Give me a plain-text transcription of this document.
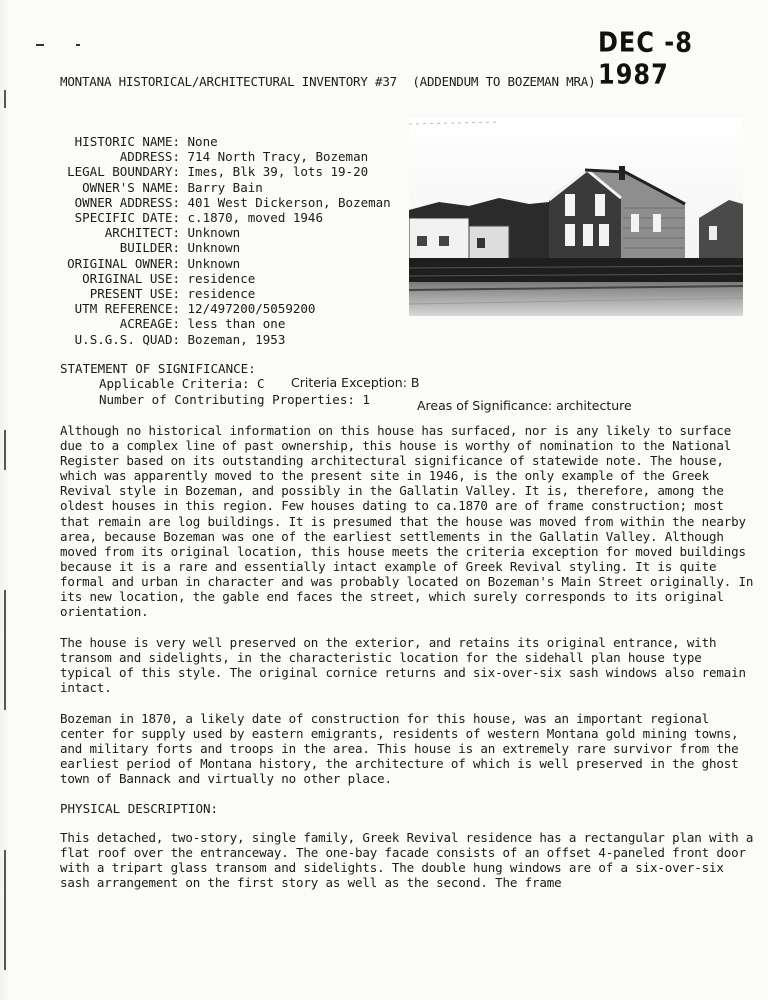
DEC -8 1987
MONTANA HISTORICAL/ARCHITECTURAL INVENTORY #37 (ADDENDUM TO BOZEMAN MRA)
HISTORIC NAME: None
ADDRESS: 714 North Tracy, Bozeman
LEGAL BOUNDARY: Imes, Blk 39, lots 19-20
OWNER'S NAME: Barry Bain
OWNER ADDRESS: 401 West Dickerson, Bozeman
SPECIFIC DATE: c.1870, moved 1946
ARCHITECT: Unknown
BUILDER: Unknown
ORIGINAL OWNER: Unknown
ORIGINAL USE: residence
PRESENT USE: residence
UTM REFERENCE: 12/497200/5059200
ACREAGE: less than one
U.S.G.S. QUAD: Bozeman, 1953
STATEMENT OF SIGNIFICANCE:
Applicable Criteria: C Criteria Exception: B
Number of Contributing Properties: 1	Areas of Significance: architecture

Although no historical information on this house has surfaced, nor is any likely to surface due to a complex line of past ownership, this house is worthy of nomination to the National Register based on its outstanding architectural significance of statewide note. The house, which was apparently moved to the present site in 1946, is the only example of the Greek Revival style in Bozeman, and possibly in the Gallatin Valley. It is, therefore, among the oldest houses in this region. Few houses dating to ca.1870 are of frame construction; most that remain are log buildings. It is presumed that the house was moved from within the nearby area, because Bozeman was one of the earliest settlements in the Gallatin Valley. Although moved from its original location, this house meets the criteria exception for moved buildings because it is a rare and essentially intact example of Greek Revival styling. It is quite formal and urban in character and was probably located on Bozeman's Main Street originally. In its new location, the gable end faces the street, which surely corresponds to its original orientation.

The house is very well preserved on the exterior, and retains its original entrance, with transom and sidelights, in the characteristic location for the sidehall plan house type typical of this style. The original cornice returns and six-over-six sash windows also remain intact.

Bozeman in 1870, a likely date of construction for this house, was an important regional center for supply used by eastern emigrants, residents of western Montana gold mining towns, and military forts and troops in the area. This house is an extremely rare survivor from the earliest period of Montana history, the architecture of which is well preserved in the ghost town of Bannack and virtually no other place.

PHYSICAL DESCRIPTION:

This detached, two-story, single family, Greek Revival residence has a rectangular plan with a flat roof over the entranceway. The one-bay facade consists of an offset 4-paneled front door with a tripart glass transom and sidelights. The double hung windows are of a six-over-six sash arrangement on the first story as well as the second. The frame
